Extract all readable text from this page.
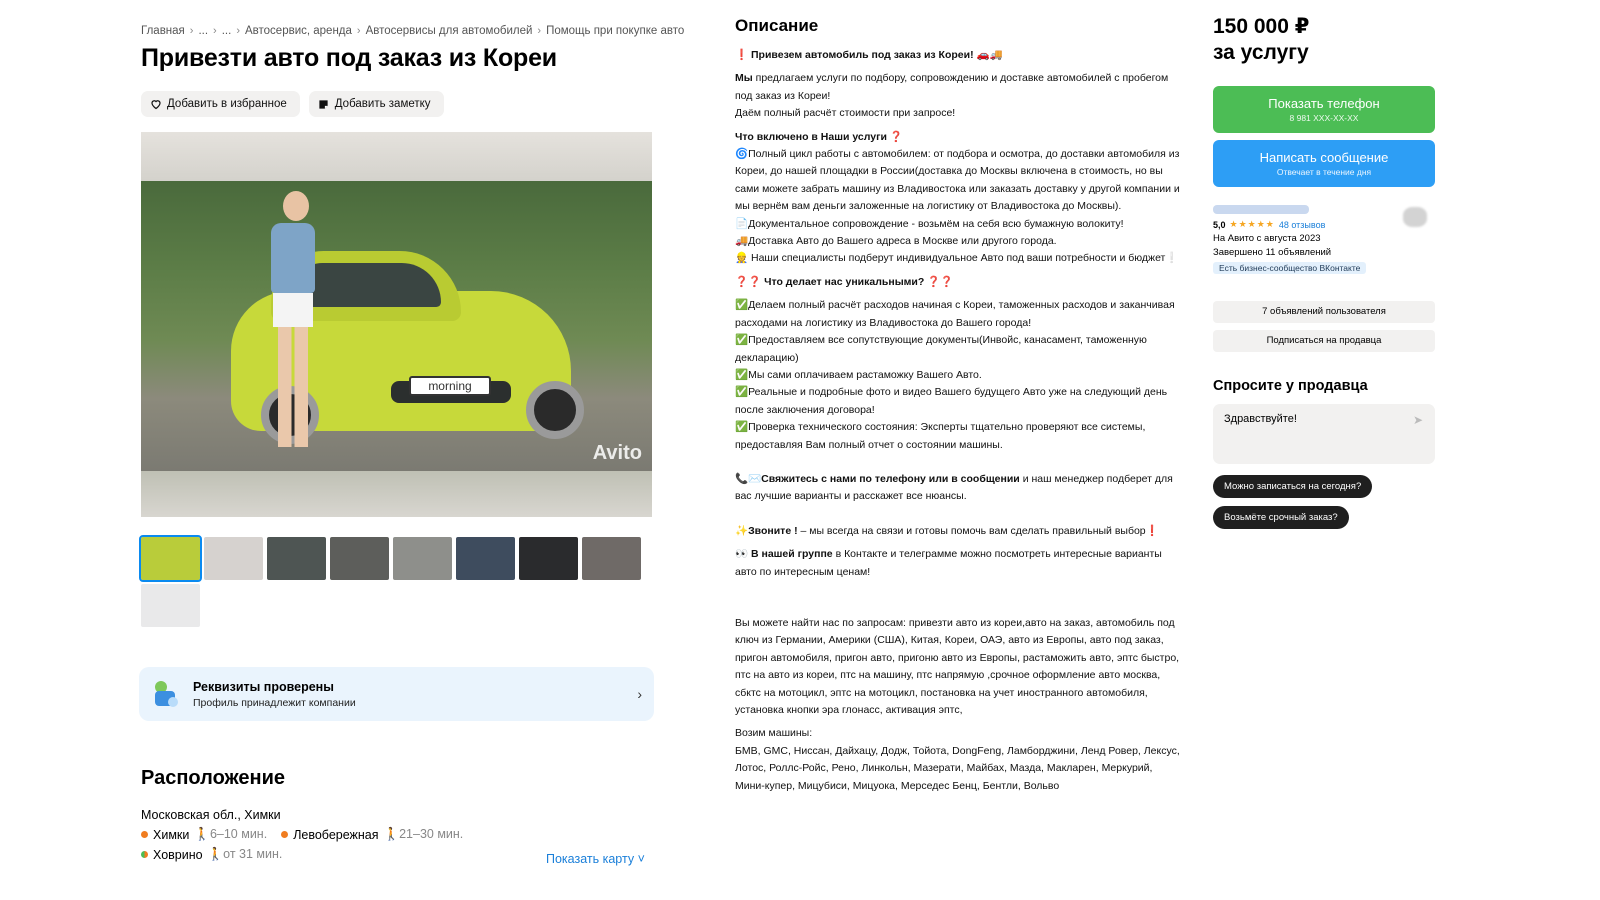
Главная › ... › ... › Автосервис, аренда › Автосервисы для автомобилей › Помощь при покупке авто
Привезти авто под заказ из Кореи
Добавить в избранное	Добавить заметку
morning
Avito
Реквизиты проверены
Профиль принадлежит компании
›
Расположение
Московская обл., Химки
Химки 🚶6–10 мин. Левобережная 🚶21–30 мин.
Ховрино 🚶от 31 мин.	Показать карту ˅
Описание

❗ Привезем автомобиль под заказ из Кореи! 🚗🚚

Мы предлагаем услуги по подбору, сопровождению и доставке автомобилей с пробегом под заказ из Кореи!

Даём полный расчёт стоимости при запросе!

Что включено в Наши услуги ❓

🌀Полный цикл работы с автомобилем: от подбора и осмотра, до доставки автомобиля из Кореи, до нашей площадки в России(доставка до Москвы включена в стоимость, но вы сами можете забрать машину из Владивостока или заказать доставку у другой компании и мы вернём вам деньги заложенные на логистику от Владивостока до Москвы).

📄Документальное сопровождение - возьмём на себя всю бумажную волокиту!

🚚Доставка Авто до Вашего адреса в Москве или другого города.

👷 Наши специалисты подберут индивидуальное Авто под ваши потребности и бюджет❕

❓❓ Что делает нас уникальными? ❓❓

✅Делаем полный расчёт расходов начиная с Кореи, таможенных расходов и заканчивая расходами на логистику из Владивостока до Вашего города!

✅Предоставляем все сопутствующие документы(Инвойс, канасамент, таможенную декларацию)

✅Мы сами оплачиваем растаможку Вашего Авто.

✅Реальные и подробные фото и видео Вашего будущего Авто уже на следующий день после заключения договора!

✅Проверка технического состояния: Эксперты тщательно проверяют все системы, предоставляя Вам полный отчет о состоянии машины.

📞✉️Свяжитесь с нами по телефону или в сообщении и наш менеджер подберет для вас лучшие варианты и расскажет все нюансы.

✨Звоните ! – мы всегда на связи и готовы помочь вам сделать правильный выбор❗

👀 В нашей группе в Контакте и телеграмме можно посмотреть интересные варианты авто по интересным ценам!

Вы можете найти нас по запросам: привезти авто из кореи,авто на заказ, автомобиль под ключ из Германии, Америки (США), Китая, Кореи, ОАЭ, авто из Европы, авто под заказ, пригон автомобиля, пригон авто, пригоню авто из Европы, растаможить авто, эптс быстро, птс на авто из кореи, птс на машину, птс напрямую ,срочное оформление авто москва, сбктс на мотоцикл, эптс на мотоцикл, постановка на учет иностранного автомобиля, установка кнопки эра глонасс, активация эптс,

Возим машины:

БМВ, GMC, Ниссан, Дайхацу, Додж, Тойота, DongFeng, Ламборджини, Ленд Ровер, Лексус, Лотос, Роллс-Ройс, Рено, Линкольн, Мазерати, Майбах, Мазда, Макларен, Меркурий, Мини-купер, Мицубиси, Мицуока, Мерседес Бенц, Бентли, Вольво

150 000 ₽
за услугу
Показать телефон
8 981 XXX-XX-XX
Написать сообщение
Отвечает в течение дня
5,0 ★★★★★ 48 отзывов
На Авито с августа 2023
Завершено 11 объявлений
Есть бизнес-сообщество ВКонтакте
7 объявлений пользователя
Подписаться на продавца
Спросите у продавца
Здравствуйте!	➤
Можно записаться на сегодня?
Возьмёте срочный заказ?
